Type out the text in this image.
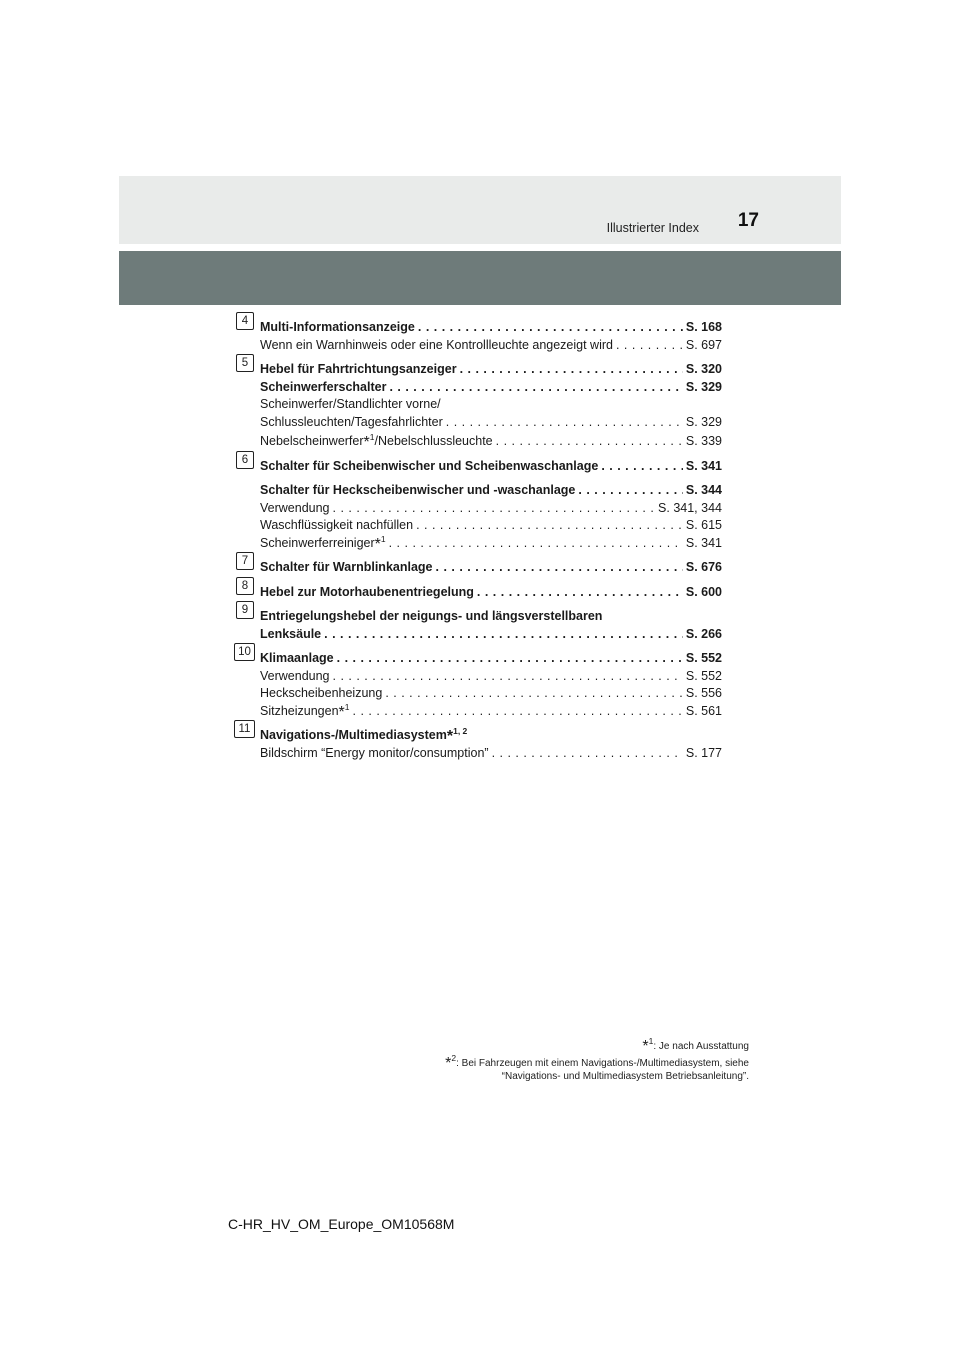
Illustrierter Index 17
4 Multi-Informationsanzeige . . .	S. 168
Wenn ein Warnhinweis oder eine Kontrollleuchte angezeigt wird . . .	S. 697
5 Hebel für Fahrtrichtungsanzeiger . . .	S. 320
Scheinwerferschalter . . .	S. 329
Scheinwerfer/Standlichter vorne/
Schlussleuchten/Tagesfahrlichter . . .	S. 329
Nebelscheinwerfer*$^1$/Nebelschlussleuchte . . .	S. 339
6 Schalter für Scheibenwischer und Scheibenwaschanlage . . .	S. 341
Schalter für Heckscheibenwischer und -waschanlage . . .	S. 344
Verwendung . . .	S. 341, 344
Waschflüssigkeit nachfüllen . . .	S. 615
Scheinwerferreiniger*$^1$ . . .	S. 341
7 Schalter für Warnblinkanlage . . .	S. 676
8 Hebel zur Motorhaubenentriegelung . . .	S. 600
9 Entriegelungshebel der neigungs- und längsverstellbaren
Lenksäule . . .	S. 266
10 Klimaanlage . . .	S. 552
Verwendung . . .	S. 552
Heckscheibenheizung . . .	S. 556
Sitzheizungen*$^1$ . . .	S. 561
11 Navigations-/Multimediasystem*$^{1, 2}$
Bildschirm “Energy monitor/consumption” . . .	S. 177
*$^1$: Je nach Ausstattung
*$^2$: Bei Fahrzeugen mit einem Navigations-/Multimediasystem, siehe
“Navigations- und Multimediasystem Betriebsanleitung”.
C-HR_HV_OM_Europe_OM10568M
